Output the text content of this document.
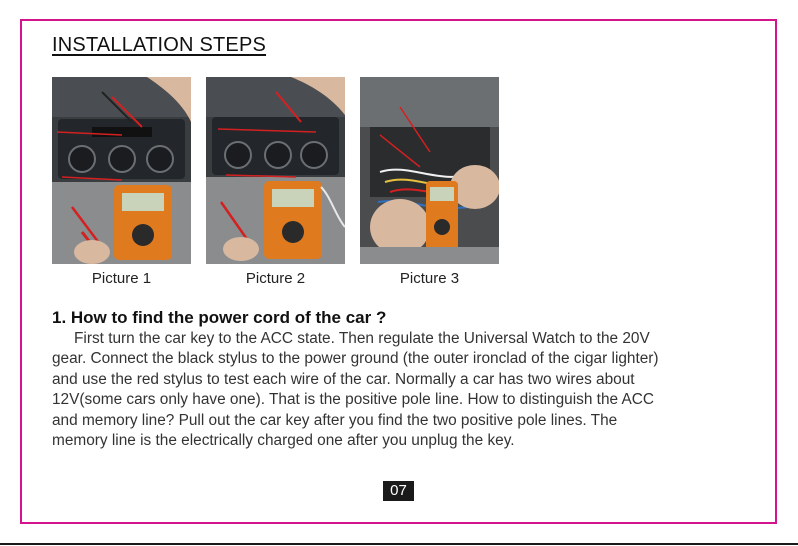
INSTALLATION STEPS
Picture 1	Picture 2	Picture 3
1. How to find the power cord of the car ?
First turn the car key to the ACC state. Then regulate the Universal Watch to the 20V
gear. Connect the black stylus to the power ground (the outer ironclad of the cigar lighter)
and use the red stylus to test each wire of the car. Normally a car has two wires about
12V(some cars only have one). That is the positive pole line. How to distinguish the ACC
and memory line? Pull out the car key after you find the two positive pole lines. The
memory line is the electrically charged one after you unplug the key.
07
